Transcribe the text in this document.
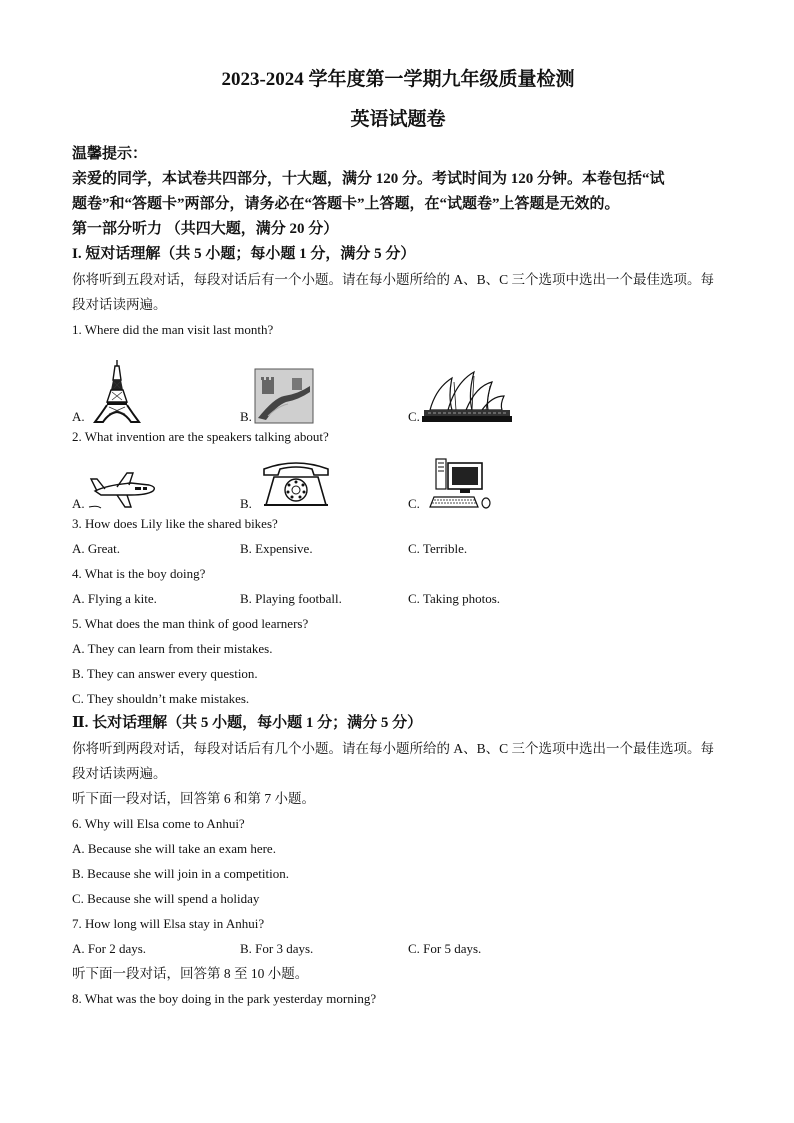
2023-2024 学年度第一学期九年级质量检测

英语试题卷

温馨提示：

亲爱的同学，本试卷共四部分，十大题，满分 120 分。考试时间为 120 分钟。本卷包括“试

题卷”和“答题卡”两部分，请务必在“答题卡”上答题，在“试题卷”上答题是无效的。

第一部分听力 （共四大题，满分 20 分）

I. 短对话理解（共 5 小题；每小题 1 分，满分 5 分）

你将听到五段对话，每段对话后有一个小题。请在每小题所给的 A、B、C 三个选项中选出一个最佳选项。每

段对话读两遍。

1. Where did the man visit last month?

A.	B.	C.

2. What invention are the speakers talking about?

A.	B.	C.

3. How does Lily like the shared bikes?

A. Great.	B. Expensive.	C. Terrible.

4. What is the boy doing?

A. Flying a kite.	B. Playing football.	C. Taking photos.

5. What does the man think of good learners?

A. They can learn from their mistakes.

B. They can answer every question.

C. They shouldn’t make mistakes.

Ⅱ. 长对话理解（共 5 小题，每小题 1 分；满分 5 分）

你将听到两段对话，每段对话后有几个小题。请在每小题所给的 A、B、C 三个选项中选出一个最佳选项。每

段对话读两遍。

听下面一段对话，回答第 6 和第 7 小题。

6. Why will Elsa come to Anhui?

A. Because she will take an exam here.

B. Because she will join in a competition.

C. Because she will spend a holiday

7. How long will Elsa stay in Anhui?

A. For 2 days.	B. For 3 days.	C. For 5 days.

听下面一段对话，回答第 8 至 10 小题。

8. What was the boy doing in the park yesterday morning?
